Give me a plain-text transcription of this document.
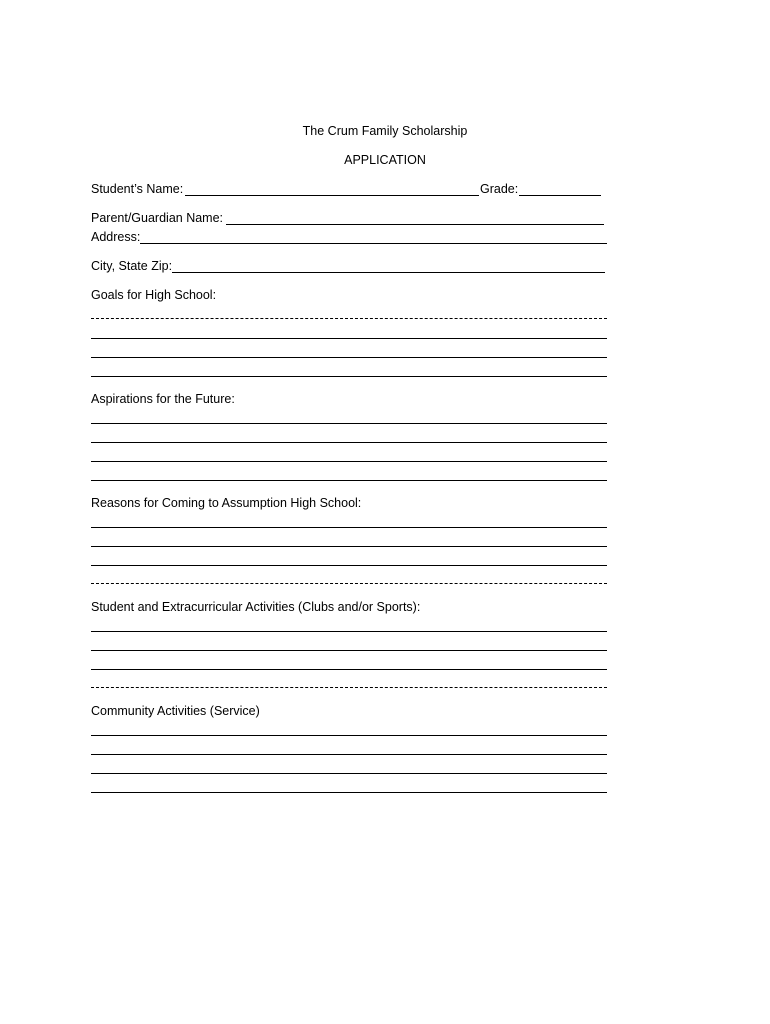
The Crum Family Scholarship
APPLICATION
Student’s Name:	Grade:
Parent/Guardian Name:
Address:
City, State Zip:
Goals for High School:
Aspirations for the Future:
Reasons for Coming to Assumption High School:
Student and Extracurricular Activities (Clubs and/or Sports):
Community Activities (Service)
